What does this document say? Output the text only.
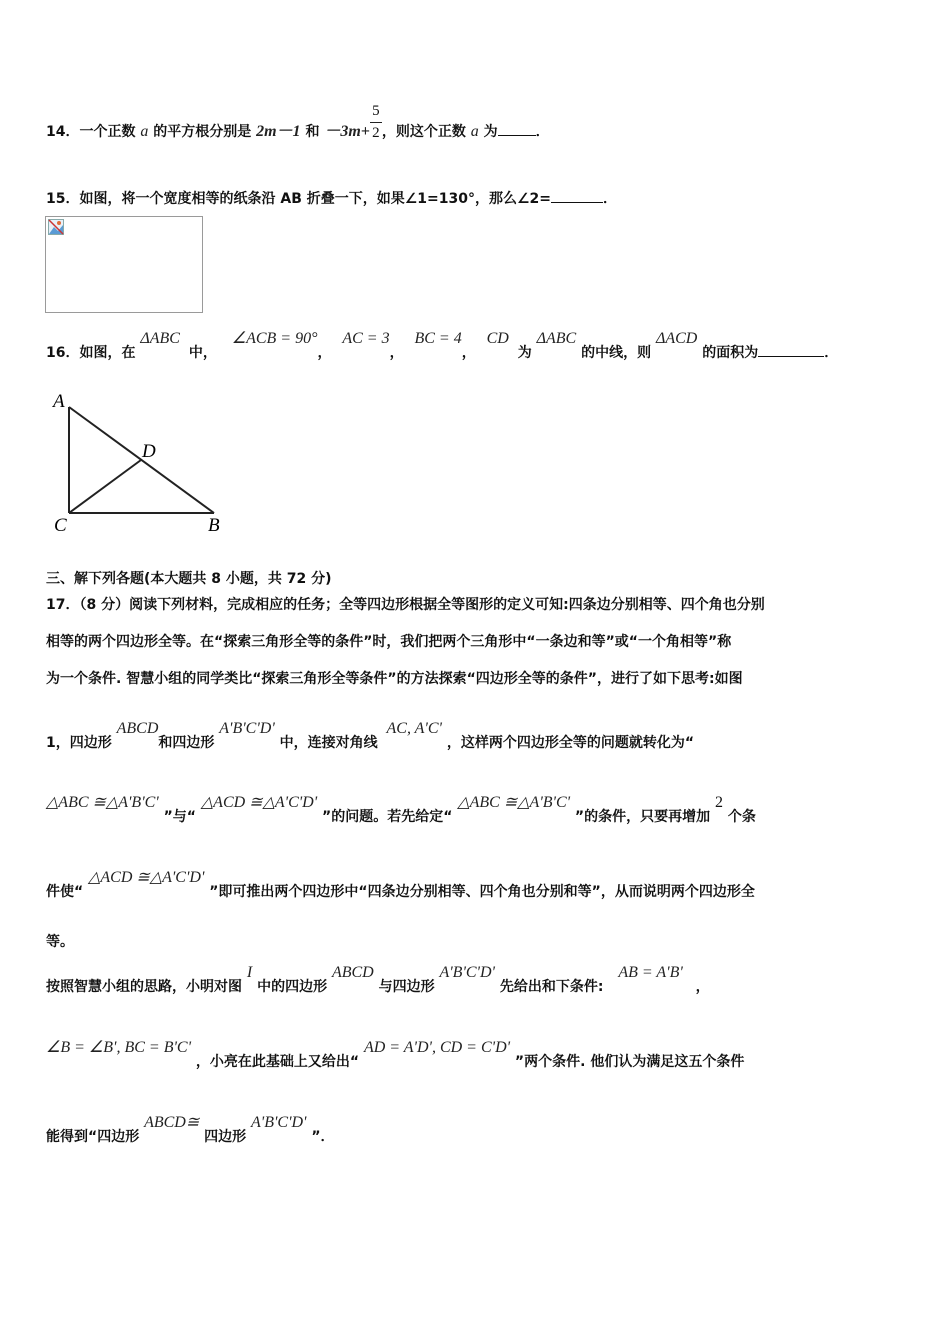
14．一个正数 a 的平方根分别是 2m－1 和 $-3m+ \frac{5}{2}$ ，则这个正数 a 为	．
15．如图，将一个宽度相等的纸条沿 AB 折叠一下，如果∠1=130°，那么∠2=	．
16．如图，在 ΔABC 中， ∠ACB = 90°， AC = 3， BC = 4， CD 为 ΔABC 的中线，则 ΔACD 的面积为	．
A
D
C	B
三、解下列各题(本大题共 8 小题，共 72 分)
17．（8 分）阅读下列材料，完成相应的任务；全等四边形根据全等图形的定义可知:四条边分别相等、四个角也分别
相等的两个四边形全等。在“探索三角形全等的条件”时，我们把两个三角形中“一条边和等”或“一个角相等”称
为一个条件. 智慧小组的同学类比“探索三角形全等条件”的方法探索“四边形全等的条件”，进行了如下思考:如图
1，四边形 ABCD和四边形 A'B'C'D' 中，连接对角线 AC, A'C' ，这样两个四边形全等的问题就转化为“
△ABC ≅△A'B'C' ”与“ △ACD ≅△A'C'D' ”的问题。若先给定“ △ABC ≅△A'B'C' ”的条件，只要再增加 2 个条
件使“ △ACD ≅△A'C'D' ”即可推出两个四边形中“四条边分别相等、四个角也分别和等”，从而说明两个四边形全
等。
按照智慧小组的思路，小明对图 I 中的四边形 ABCD 与四边形 A'B'C'D' 先给出和下条件: AB = A'B' ，
∠B = ∠B', BC = B'C' ，小亮在此基础上又给出“ AD = A'D', CD = C'D' ”两个条件. 他们认为满足这五个条件
能得到“四边形 ABCD≅ 四边形 A'B'C'D' ”．
